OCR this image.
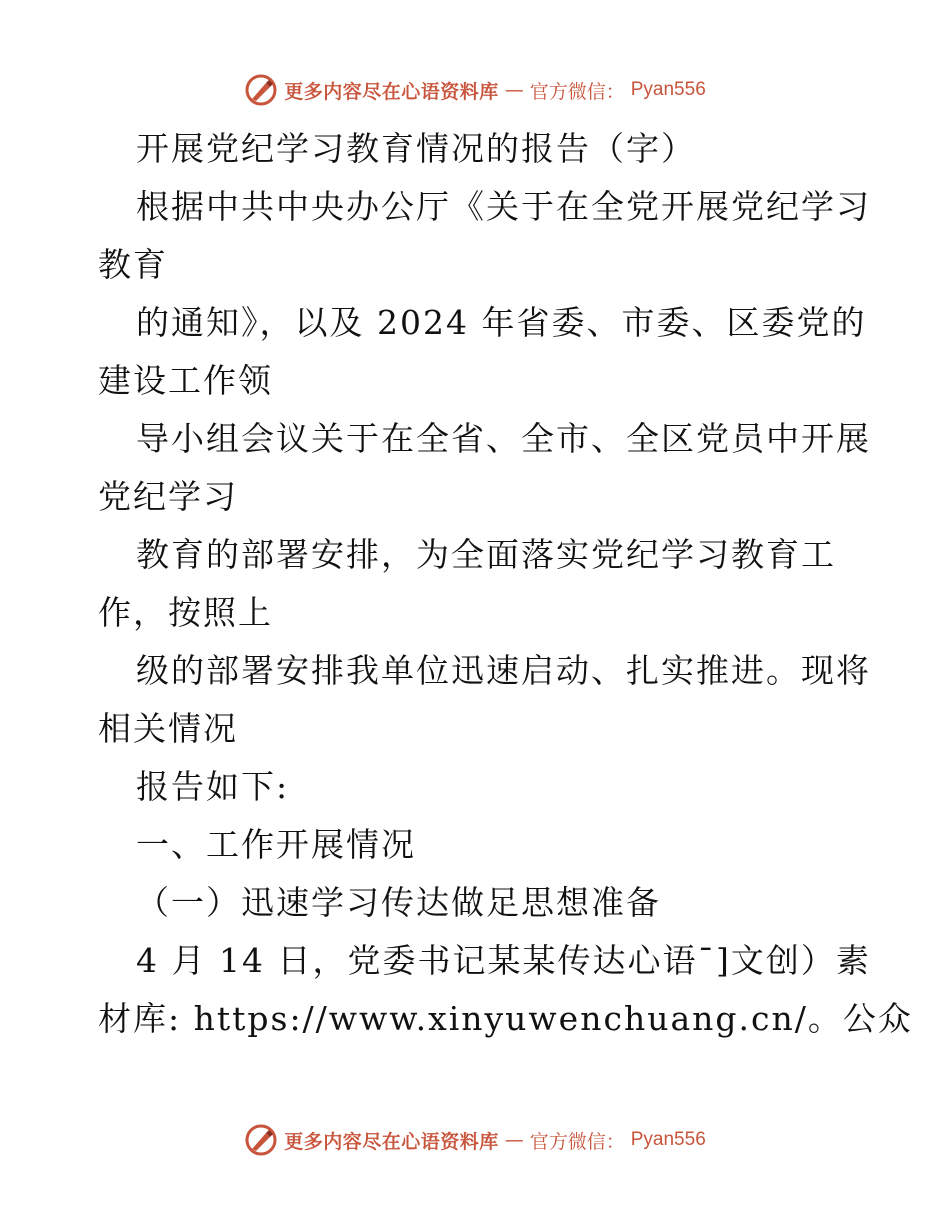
更多内容尽在心语资料库 — 官方微信： Pyan556
开展党纪学习教育情况的报告（字）
根据中共中央办公厅《关于在全党开展党纪学习
教育
的通知》，以及 2024 年省委、市委、区委党的
建设工作领
导小组会议关于在全省、全市、全区党员中开展
党纪学习
教育的部署安排，为全面落实党纪学习教育工
作，按照上
级的部署安排我单位迅速启动、扎实推进。现将
相关情况
报告如下:
一、工作开展情况
（一）迅速学习传达做足思想准备
4 月 14 日，党委书记某某传达心语¯]文创）素
材库: https://www.xinyuwenchuang.cn/。公众
更多内容尽在心语资料库 — 官方微信： Pyan556
